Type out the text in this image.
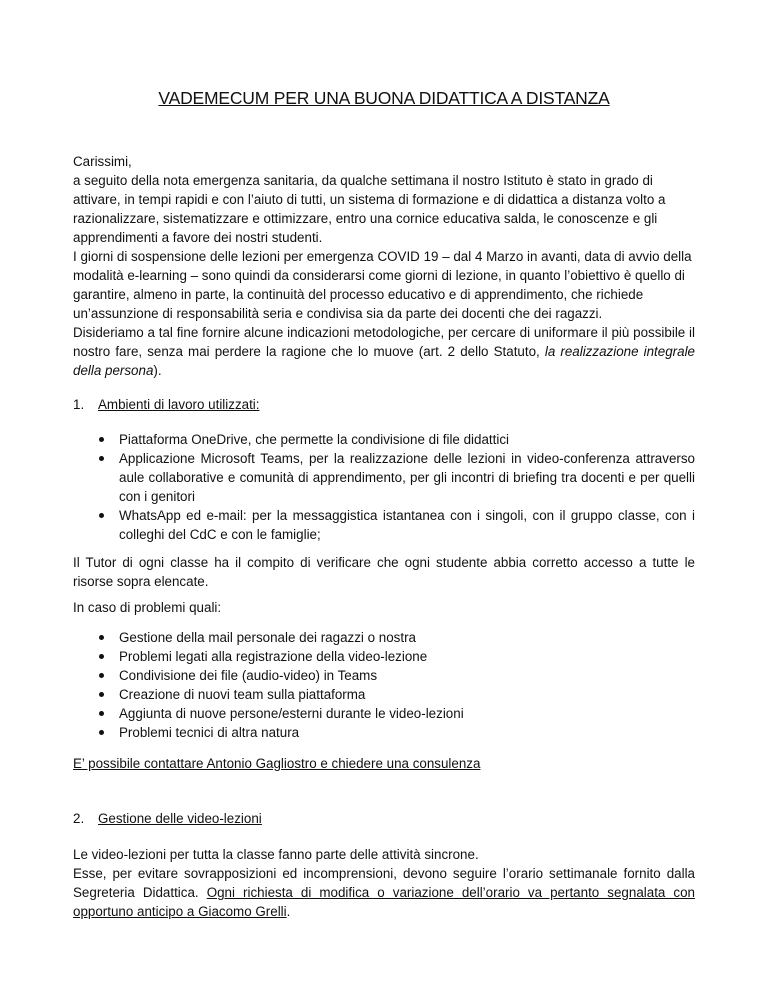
VADEMECUM PER UNA BUONA DIDATTICA A DISTANZA

Carissimi,

a seguito della nota emergenza sanitaria, da qualche settimana il nostro Istituto è stato in grado di attivare, in tempi rapidi e con l’aiuto di tutti, un sistema di formazione e di didattica a distanza volto a razionalizzare, sistematizzare e ottimizzare, entro una cornice educativa salda, le conoscenze e gli apprendimenti a favore dei nostri studenti.

I giorni di sospensione delle lezioni per emergenza COVID 19 – dal 4 Marzo in avanti, data di avvio della modalità e-learning – sono quindi da considerarsi come giorni di lezione, in quanto l’obiettivo è quello di garantire, almeno in parte, la continuità del processo educativo e di apprendimento, che richiede un’assunzione di responsabilità seria e condivisa sia da parte dei docenti che dei ragazzi.

Disideriamo a tal fine fornire alcune indicazioni metodologiche, per cercare di uniformare il più possibile il nostro fare, senza mai perdere la ragione che lo muove (art. 2 dello Statuto, la realizzazione integrale della persona).

1. Ambienti di lavoro utilizzati:
Piattaforma OneDrive, che permette la condivisione di file didattici
Applicazione Microsoft Teams, per la realizzazione delle lezioni in video-conferenza attraverso aule collaborative e comunità di apprendimento, per gli incontri di briefing tra docenti e per quelli con i genitori
WhatsApp ed e-mail: per la messaggistica istantanea con i singoli, con il gruppo classe, con i colleghi del CdC e con le famiglie;

Il Tutor di ogni classe ha il compito di verificare che ogni studente abbia corretto accesso a tutte le risorse sopra elencate.

In caso di problemi quali:

Gestione della mail personale dei ragazzi o nostra
Problemi legati alla registrazione della video-lezione
Condivisione dei file (audio-video) in Teams
Creazione di nuovi team sulla piattaforma
Aggiunta di nuove persone/esterni durante le video-lezioni
Problemi tecnici di altra natura

E’ possibile contattare Antonio Gagliostro e chiedere una consulenza

2. Gestione delle video-lezioni

Le video-lezioni per tutta la classe fanno parte delle attività sincrone.

Esse, per evitare sovrapposizioni ed incomprensioni, devono seguire l’orario settimanale fornito dalla Segreteria Didattica. Ogni richiesta di modifica o variazione dell’orario va pertanto segnalata con opportuno anticipo a Giacomo Grelli.
